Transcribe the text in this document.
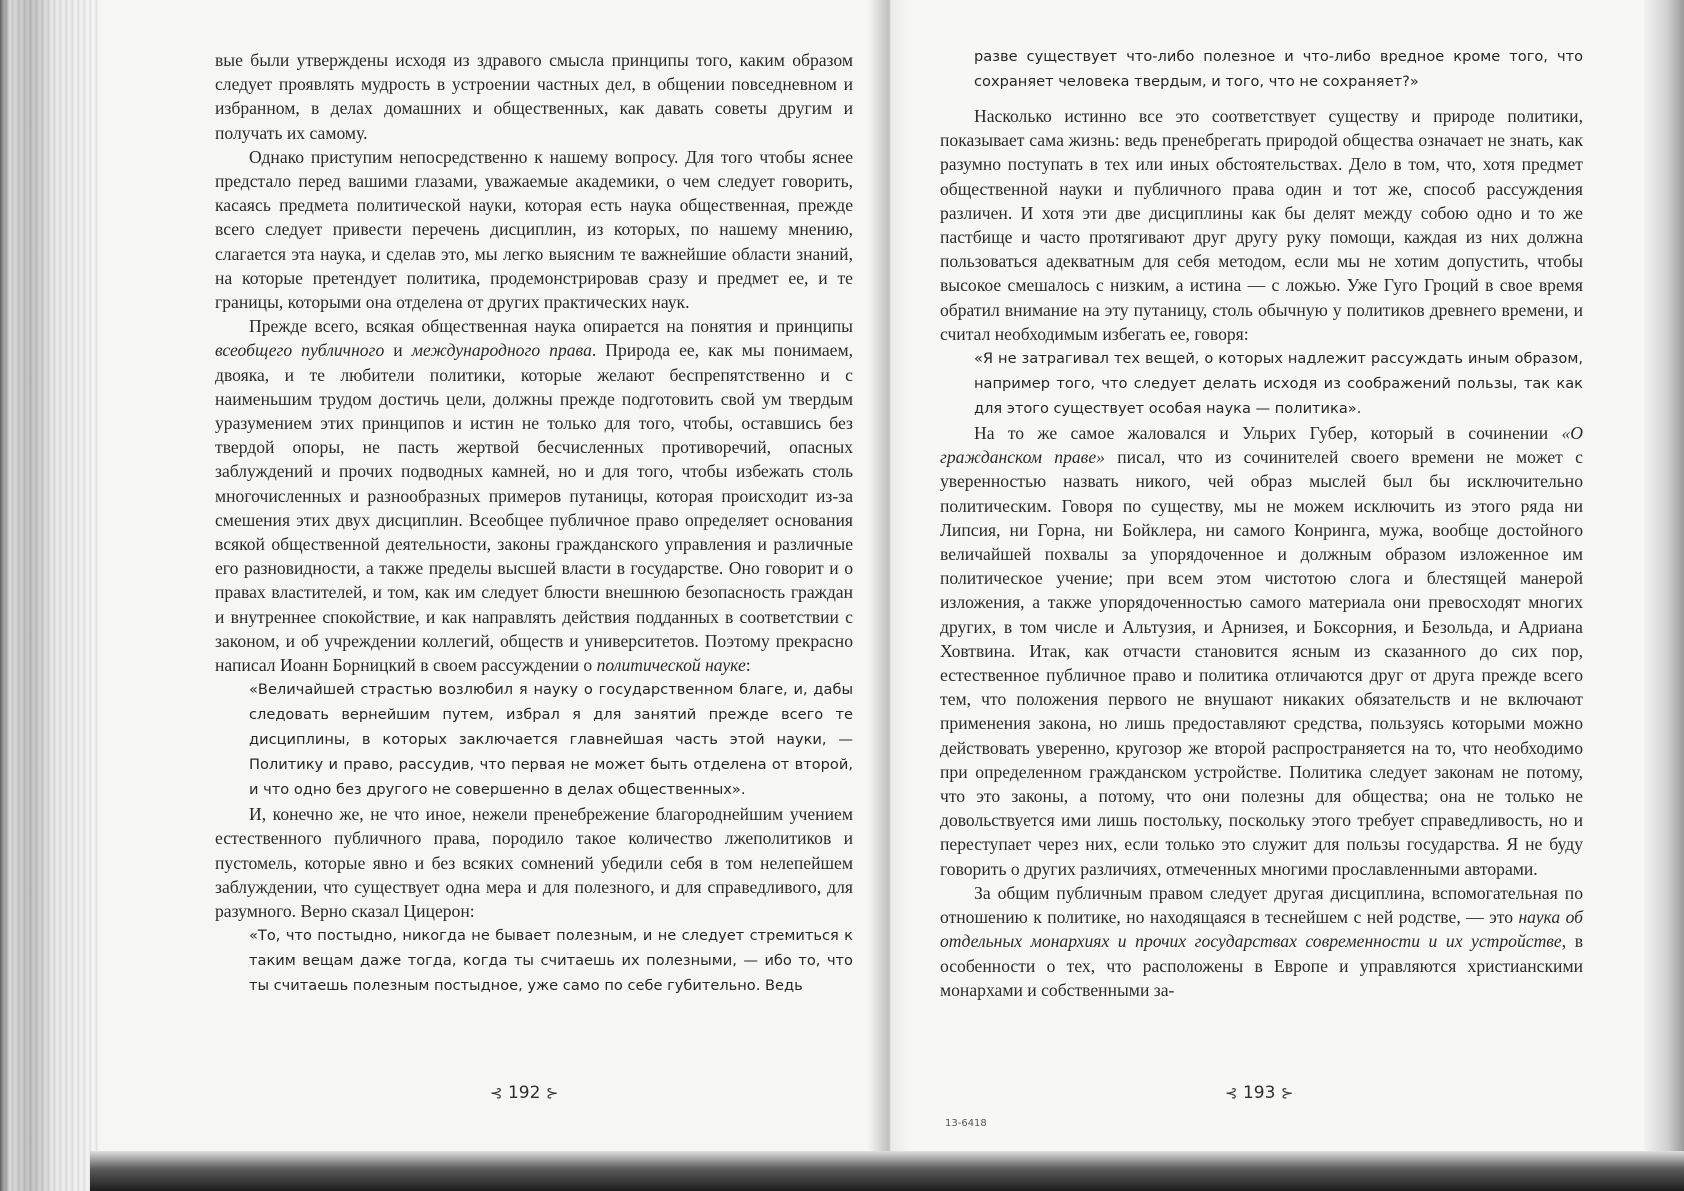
вые были утверждены исходя из здравого смысла принципы того, каким образом следует проявлять мудрость в устроении частных дел, в общении повседневном и избранном, в делах домашних и общественных, как давать советы другим и получать их самому.

Однако приступим непосредственно к нашему вопросу. Для того чтобы яснее предстало перед вашими глазами, уважаемые академики, о чем следует говорить, касаясь предмета политической науки, которая есть наука общественная, прежде всего следует привести перечень дисциплин, из которых, по нашему мнению, слагается эта наука, и сделав это, мы легко выясним те важнейшие области знаний, на которые претендует политика, продемонстрировав сразу и предмет ее, и те границы, которыми она отделена от других практических наук.

Прежде всего, всякая общественная наука опирается на понятия и принципы всеобщего публичного и международного права. Природа ее, как мы понимаем, двояка, и те любители политики, которые желают беспрепятственно и с наименьшим трудом достичь цели, должны прежде подготовить свой ум твердым уразумением этих принципов и истин не только для того, чтобы, оставшись без твердой опоры, не пасть жертвой бесчисленных противоречий, опасных заблуждений и прочих подводных камней, но и для того, чтобы избежать столь многочисленных и разнообразных примеров путаницы, которая происходит из-за смешения этих двух дисциплин. Всеобщее публичное право определяет основания всякой общественной деятельности, законы гражданского управления и различные его разновидности, а также пределы высшей власти в государстве. Оно говорит и о правах властителей, и том, как им следует блюсти внешнюю безопасность граждан и внутреннее спокойствие, и как направлять действия подданных в соответствии с законом, и об учреждении коллегий, обществ и университетов. Поэтому прекрасно написал Иоанн Борницкий в своем рассуждении о политической науке:

«Величайшей страстью возлюбил я науку о государственном благе, и, дабы следовать вернейшим путем, избрал я для занятий прежде всего те дисциплины, в которых заключается главнейшая часть этой науки, — Политику и право, рассудив, что первая не может быть отделена от второй, и что одно без другого не совершенно в делах общественных».

И, конечно же, не что иное, нежели пренебрежение благороднейшим учением естественного публичного права, породило такое количество лжеполитиков и пустомель, которые явно и без всяких сомнений убедили себя в том нелепейшем заблуждении, что существует одна мера и для полезного, и для справедливого, для разумного. Верно сказал Цицерон:

«То, что постыдно, никогда не бывает полезным, и не следует стремиться к таким вещам даже тогда, когда ты считаешь их полезными, — ибо то, что ты считаешь полезным постыдное, уже само по себе губительно. Ведь

⊰ 192 ⊱

разве существует что-либо полезное и что-либо вредное кроме того, что сохраняет человека твердым, и того, что не сохраняет?»

Насколько истинно все это соответствует существу и природе политики, показывает сама жизнь: ведь пренебрегать природой общества означает не знать, как разумно поступать в тех или иных обстоятельствах. Дело в том, что, хотя предмет общественной науки и публичного права один и тот же, способ рассуждения различен. И хотя эти две дисциплины как бы делят между собою одно и то же пастбище и часто протягивают друг другу руку помощи, каждая из них должна пользоваться адекватным для себя методом, если мы не хотим допустить, чтобы высокое смешалось с низким, а истина — с ложью. Уже Гуго Гроций в свое время обратил внимание на эту путаницу, столь обычную у политиков древнего времени, и считал необходимым избегать ее, говоря:

«Я не затрагивал тех вещей, о которых надлежит рассуждать иным образом, например того, что следует делать исходя из соображений пользы, так как для этого существует особая наука — политика».

На то же самое жаловался и Ульрих Губер, который в сочинении «О гражданском праве» писал, что из сочинителей своего времени не может с уверенностью назвать никого, чей образ мыслей был бы исключительно политическим. Говоря по существу, мы не можем исключить из этого ряда ни Липсия, ни Горна, ни Бойклера, ни самого Конринга, мужа, вообще достойного величайшей похвалы за упорядоченное и должным образом изложенное им политическое учение; при всем этом чистотою слога и блестящей манерой изложения, а также упорядоченностью самого материала они превосходят многих других, в том числе и Альтузия, и Арнизея, и Боксорния, и Безольда, и Адриана Ховтвина. Итак, как отчасти становится ясным из сказанного до сих пор, естественное публичное право и политика отличаются друг от друга прежде всего тем, что положения первого не внушают никаких обязательств и не включают применения закона, но лишь предоставляют средства, пользуясь которыми можно действовать уверенно, кругозор же второй распространяется на то, что необходимо при определенном гражданском устройстве. Политика следует законам не потому, что это законы, а потому, что они полезны для общества; она не только не довольствуется ими лишь постольку, поскольку этого требует справедливость, но и переступает через них, если только это служит для пользы государства. Я не буду говорить о других различиях, отмеченных многими прославленными авторами.

За общим публичным правом следует другая дисциплина, вспомогательная по отношению к политике, но находящаяся в теснейшем с ней родстве, — это наука об отдельных монархиях и прочих государствах современности и их устройстве, в особенности о тех, что расположены в Европе и управляются христианскими монархами и собственными за-

⊰ 193 ⊱
13-6418
